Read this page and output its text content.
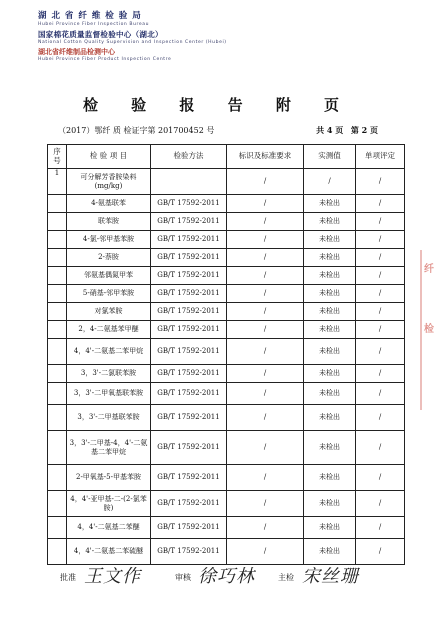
湖 北 省 纤 维 检 验 局
Hubei Province Fiber Inspection Bureau
国家棉花质量监督检验中心（湖北）
National Cotton Quality Supervision and Inspection Center (Hubei)
湖北省纤维制品检测中心
Hubei Province Fiber Product Inspection Centre
检 验 报 告 附 页
（2017）鄂纤 质 检证字第 201700452 号	共 4 页 第 2 页
序号	检 验 项 目	检验方法	标识及标准要求	实测值	单项评定
1	可分解芳香胺染料(mg/kg)		/	/	/
	4-氨基联苯	GB/T 17592-2011	/	未检出	/
	联苯胺	GB/T 17592-2011	/	未检出	/
	4-氯-邻甲基苯胺	GB/T 17592-2011	/	未检出	/
	2-萘胺	GB/T 17592-2011	/	未检出	/
	邻氨基偶氮甲苯	GB/T 17592-2011	/	未检出	/
	5-硝基-邻甲苯胺	GB/T 17592-2011	/	未检出	/
	对氯苯胺	GB/T 17592-2011	/	未检出	/
	2，4-二氨基苯甲醚	GB/T 17592-2011	/	未检出	/
	4，4'-二氨基二苯甲烷	GB/T 17592-2011	/	未检出	/
	3，3'-二氯联苯胺	GB/T 17592-2011	/	未检出	/
	3，3'-二甲氧基联苯胺	GB/T 17592-2011	/	未检出	/
	3，3'-二甲基联苯胺	GB/T 17592-2011	/	未检出	/
	3，3'-二甲基-4，4'-二氨基二苯甲烷	GB/T 17592-2011	/	未检出	/
	2-甲氧基-5-甲基苯胺	GB/T 17592-2011	/	未检出	/
	4，4'-亚甲基-二-(2-氯苯胺)	GB/T 17592-2011	/	未检出	/
	4，4'-二氨基二苯醚	GB/T 17592-2011	/	未检出	/
	4，4'-二氨基二苯硫醚	GB/T 17592-2011	/	未检出	/
批准 王文作	审核 徐巧林	主检 宋丝珊
纤
检
